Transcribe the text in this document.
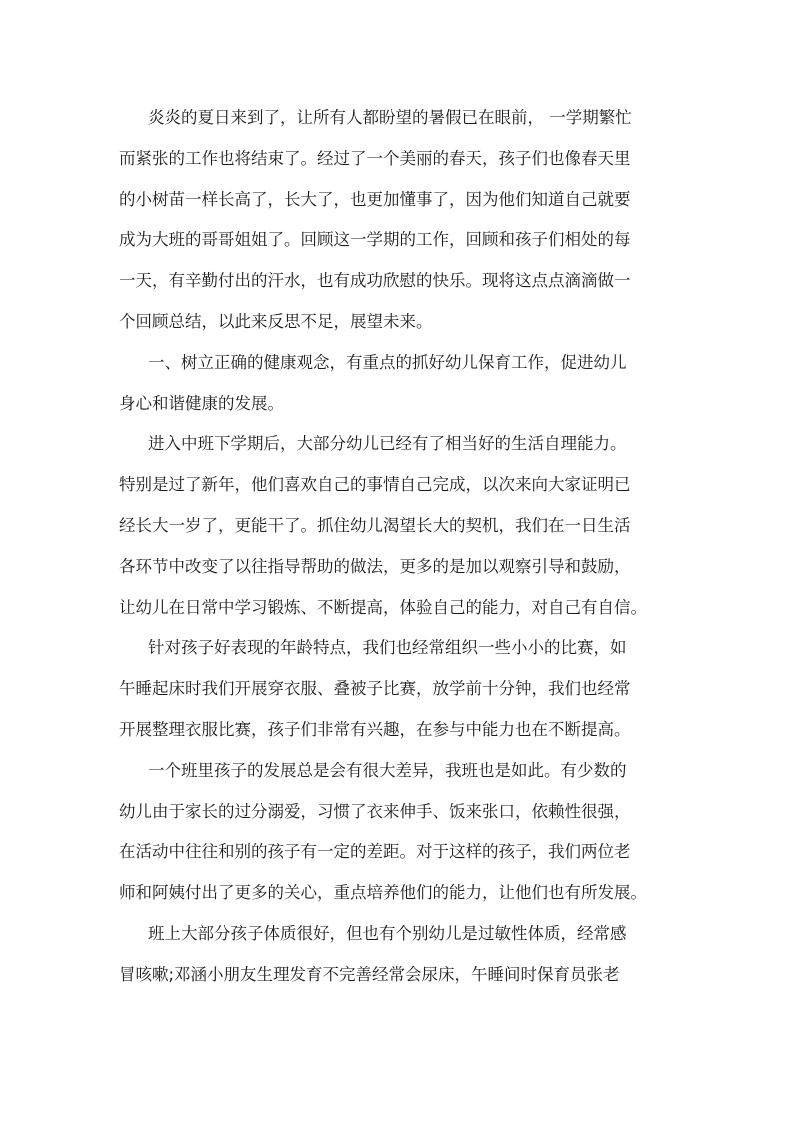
炎炎的夏日来到了，让所有人都盼望的暑假已在眼前， 一学期繁忙
而紧张的工作也将结束了。经过了一个美丽的春天，孩子们也像春天里
的小树苗一样长高了，长大了，也更加懂事了，因为他们知道自己就要
成为大班的哥哥姐姐了。回顾这一学期的工作，回顾和孩子们相处的每
一天，有辛勤付出的汗水，也有成功欣慰的快乐。现将这点点滴滴做一
个回顾总结，以此来反思不足，展望未来。
一、树立正确的健康观念，有重点的抓好幼儿保育工作，促进幼儿
身心和谐健康的发展。
进入中班下学期后，大部分幼儿已经有了相当好的生活自理能力。
特别是过了新年，他们喜欢自己的事情自己完成，以次来向大家证明已
经长大一岁了，更能干了。抓住幼儿渴望长大的契机，我们在一日生活
各环节中改变了以往指导帮助的做法，更多的是加以观察引导和鼓励，
让幼儿在日常中学习锻炼、不断提高，体验自己的能力，对自己有自信。
针对孩子好表现的年龄特点，我们也经常组织一些小小的比赛，如
午睡起床时我们开展穿衣服、叠被子比赛，放学前十分钟，我们也经常
开展整理衣服比赛，孩子们非常有兴趣，在参与中能力也在不断提高。
一个班里孩子的发展总是会有很大差异，我班也是如此。有少数的
幼儿由于家长的过分溺爱，习惯了衣来伸手、饭来张口，依赖性很强，
在活动中往往和别的孩子有一定的差距。对于这样的孩子，我们两位老
师和阿姨付出了更多的关心，重点培养他们的能力，让他们也有所发展。
班上大部分孩子体质很好，但也有个别幼儿是过敏性体质，经常感
冒咳嗽;邓涵小朋友生理发育不完善经常会尿床，午睡间时保育员张老
